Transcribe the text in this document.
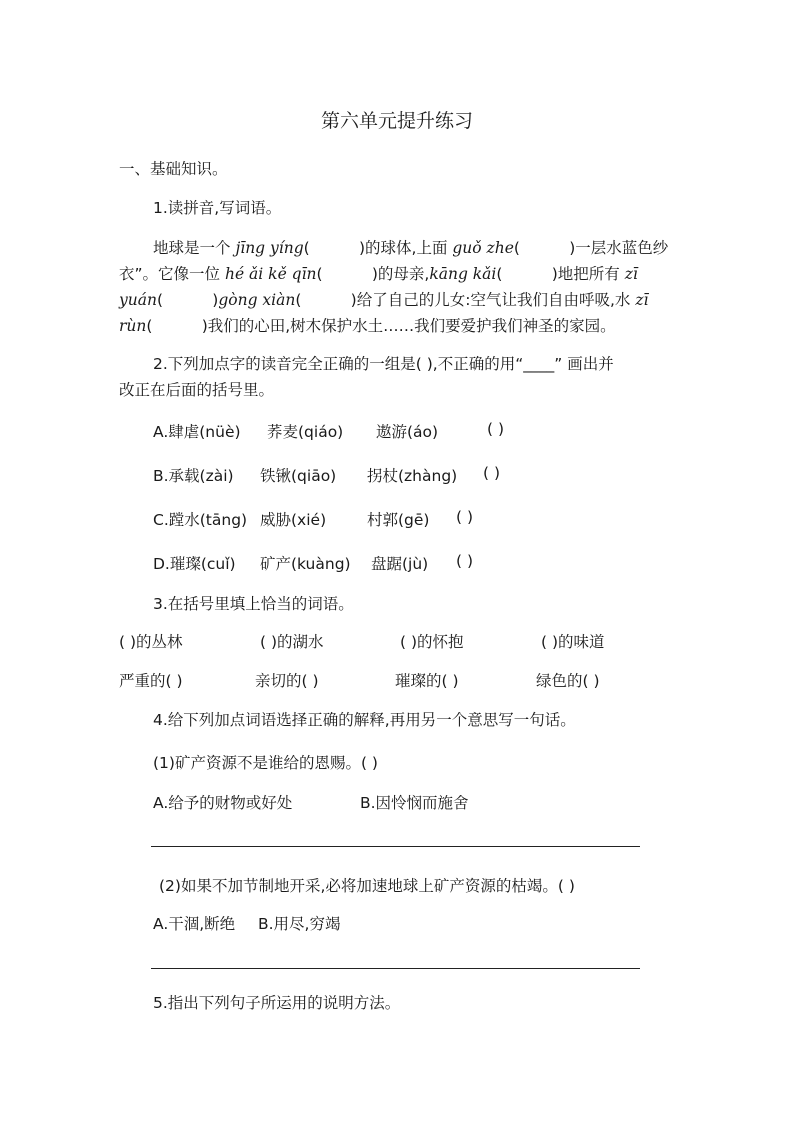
第六单元提升练习
一、基础知识。
1.读拼音,写词语。
地球是一个 jīng yíng (          )的球体,上面 guǒ zhe (          )一层水蓝色纱
衣”。它像一位 hé ǎi kě qīn (          )的母亲, kāng kǎi (          )地把所有 zī
yuán (          ) gòng xiàn (          )给了自己的儿女:空气让我们自由呼吸,水 zī
rùn (          )我们的心田,树木保护水土……我们要爱护我们神圣的家园。
2.下列加点字的读音完全正确的一组是( ),不正确的用“____” 画出并
改正在后面的括号里。
A.肆虐(nüè) 荞麦(qiáo) 遨游(áo)	( )
B.承载(zài) 铁锹(qiāo) 拐杖(zhàng) ( )
C.蹚水(tāng) 威胁(xié)	村郭(gē) ( )
D.璀璨(cuǐ) 矿产(kuàng) 盘踞(jù) ( )
3.在括号里填上恰当的词语。
( )的丛林	( )的湖水	( )的怀抱	( )的味道
严重的( )	亲切的( )	璀璨的( )	绿色的( )
4.给下列加点词语选择正确的解释,再用另一个意思写一句话。
(1)矿产资源不是谁给的恩赐。( )
A.给予的财物或好处	B.因怜悯而施舍
(2)如果不加节制地开采,必将加速地球上矿产资源的枯竭。( )
A.干涸,断绝 B.用尽,穷竭
5.指出下列句子所运用的说明方法。
